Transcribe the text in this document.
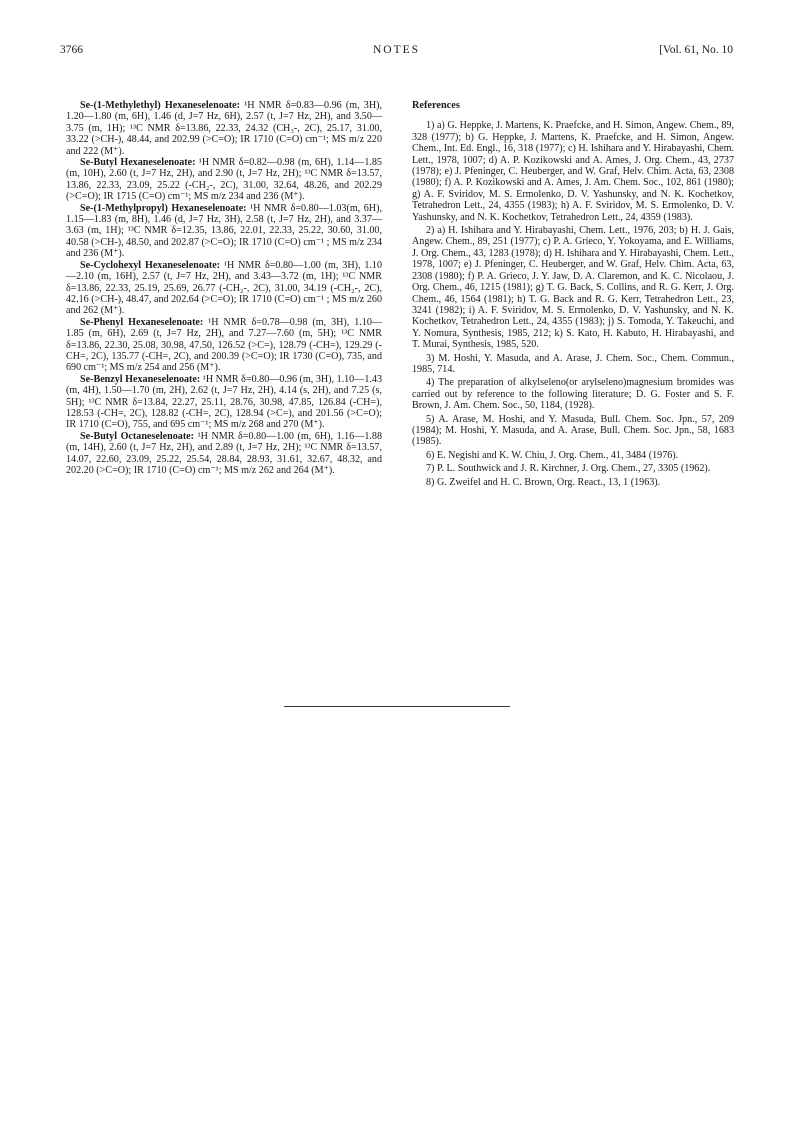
3766	NOTES	[Vol. 61, No. 10

Se-(1-Methylethyl) Hexaneselenoate: ¹H NMR δ=0.83—0.96 (m, 3H), 1.20—1.80 (m, 6H), 1.46 (d, J=7 Hz, 6H), 2.57 (t, J=7 Hz, 2H), and 3.50—3.75 (m, 1H); ¹³C NMR δ=13.86, 22.33, 24.32 (CH₃-, 2C), 25.17, 31.00, 33.22 (>CH-), 48.44, and 202.99 (>C=O); IR 1710 (C=O) cm⁻¹; MS m/z 220 and 222 (M⁺).

Se-Butyl Hexaneselenoate: ¹H NMR δ=0.82—0.98 (m, 6H), 1.14—1.85 (m, 10H), 2.60 (t, J=7 Hz, 2H), and 2.90 (t, J=7 Hz, 2H); ¹³C NMR δ=13.57, 13.86, 22.33, 23.09, 25.22 (-CH₂-, 2C), 31.00, 32.64, 48.26, and 202.29 (>C=O); IR 1715 (C=O) cm⁻¹; MS m/z 234 and 236 (M⁺).

Se-(1-Methylpropyl) Hexaneselenoate: ¹H NMR δ=0.80—1.03(m, 6H), 1.15—1.83 (m, 8H), 1.46 (d, J=7 Hz, 3H), 2.58 (t, J=7 Hz, 2H), and 3.37—3.63 (m, 1H); ¹³C NMR δ=12.35, 13.86, 22.01, 22.33, 25.22, 30.60, 31.00, 40.58 (>CH-), 48.50, and 202.87 (>C=O); IR 1710 (C=O) cm⁻¹ ; MS m/z 234 and 236 (M⁺).

Se-Cyclohexyl Hexaneselenoate: ¹H NMR δ=0.80—1.00 (m, 3H), 1.10—2.10 (m, 16H), 2.57 (t, J=7 Hz, 2H), and 3.43—3.72 (m, 1H); ¹³C NMR δ=13.86, 22.33, 25.19, 25.69, 26.77 (-CH₂-, 2C), 31.00, 34.19 (-CH₂-, 2C), 42.16 (>CH-), 48.47, and 202.64 (>C=O); IR 1710 (C=O) cm⁻¹ ; MS m/z 260 and 262 (M⁺).

Se-Phenyl Hexaneselenoate: ¹H NMR δ=0.78—0.98 (m, 3H), 1.10—1.85 (m, 6H), 2.69 (t, J=7 Hz, 2H), and 7.27—7.60 (m, 5H); ¹³C NMR δ=13.86, 22.30, 25.08, 30.98, 47.50, 126.52 (>C=), 128.79 (-CH=), 129.29 (-CH=, 2C), 135.77 (-CH=, 2C), and 200.39 (>C=O); IR 1730 (C=O), 735, and 690 cm⁻¹; MS m/z 254 and 256 (M⁺).

Se-Benzyl Hexaneselenoate: ¹H NMR δ=0.80—0.96 (m, 3H), 1.10—1.43 (m, 4H), 1.50—1.70 (m, 2H), 2.62 (t, J=7 Hz, 2H), 4.14 (s, 2H), and 7.25 (s, 5H); ¹³C NMR δ=13.84, 22.27, 25.11, 28.76, 30.98, 47.85, 126.84 (-CH=), 128.53 (-CH=, 2C), 128.82 (-CH=, 2C), 128.94 (>C=), and 201.56 (>C=O); IR 1710 (C=O), 755, and 695 cm⁻¹; MS m/z 268 and 270 (M⁺).

Se-Butyl Octaneselenoate: ¹H NMR δ=0.80—1.00 (m, 6H), 1.16—1.88 (m, 14H), 2.60 (t, J=7 Hz, 2H), and 2.89 (t, J=7 Hz, 2H); ¹³C NMR δ=13.57, 14.07, 22.60, 23.09, 25.22, 25.54, 28.84, 28.93, 31.61, 32.67, 48.32, and 202.20 (>C=O); IR 1710 (C=O) cm⁻¹; MS m/z 262 and 264 (M⁺).

References

1) a) G. Heppke, J. Martens, K. Praefcke, and H. Simon, Angew. Chem., 89, 328 (1977); b) G. Heppke, J. Martens, K. Praefcke, and H. Simon, Angew. Chem., Int. Ed. Engl., 16, 318 (1977); c) H. Ishihara and Y. Hirabayashi, Chem. Lett., 1978, 1007; d) A. P. Kozikowski and A. Ames, J. Org. Chem., 43, 2737 (1978); e) J. Pfeninger, C. Heuberger, and W. Graf, Helv. Chim. Acta, 63, 2308 (1980); f) A. P. Kozikowski and A. Ames, J. Am. Chem. Soc., 102, 861 (1980); g) A. F. Sviridov, M. S. Ermolenko, D. V. Yashunsky, and N. K. Kochetkov, Tetrahedron Lett., 24, 4355 (1983); h) A. F. Sviridov, M. S. Ermolenko, D. V. Yashunsky, and N. K. Kochetkov, Tetrahedron Lett., 24, 4359 (1983).

2) a) H. Ishihara and Y. Hirabayashi, Chem. Lett., 1976, 203; b) H. J. Gais, Angew. Chem., 89, 251 (1977); c) P. A. Grieco, Y. Yokoyama, and E. Williams, J. Org. Chem., 43, 1283 (1978); d) H. Ishihara and Y. Hirabayashi, Chem. Lett., 1978, 1007; e) J. Pfeninger, C. Heuberger, and W. Graf, Helv. Chim. Acta, 63, 2308 (1980); f) P. A. Grieco, J. Y. Jaw, D. A. Claremon, and K. C. Nicolaou, J. Org. Chem., 46, 1215 (1981); g) T. G. Back, S. Collins, and R. G. Kerr, J. Org. Chem., 46, 1564 (1981); h) T. G. Back and R. G. Kerr, Tetrahedron Lett., 23, 3241 (1982); i) A. F. Sviridov, M. S. Ermolenko, D. V. Yashunsky, and N. K. Kochetkov, Tetrahedron Lett., 24, 4355 (1983); j) S. Tomoda, Y. Takeuchi, and Y. Nomura, Synthesis, 1985, 212; k) S. Kato, H. Kabuto, H. Hirabayashi, and T. Murai, Synthesis, 1985, 520.

3) M. Hoshi, Y. Masuda, and A. Arase, J. Chem. Soc., Chem. Commun., 1985, 714.

4) The preparation of alkylseleno(or arylseleno)magnesium bromides was carried out by reference to the following literature; D. G. Foster and S. F. Brown, J. Am. Chem. Soc., 50, 1184, (1928).

5) A. Arase, M. Hoshi, and Y. Masuda, Bull. Chem. Soc. Jpn., 57, 209 (1984); M. Hoshi, Y. Masuda, and A. Arase, Bull. Chem. Soc. Jpn., 58, 1683 (1985).

6) E. Negishi and K. W. Chiu, J. Org. Chem., 41, 3484 (1976).

7) P. L. Southwick and J. R. Kirchner, J. Org. Chem., 27, 3305 (1962).

8) G. Zweifel and H. C. Brown, Org. React., 13, 1 (1963).
